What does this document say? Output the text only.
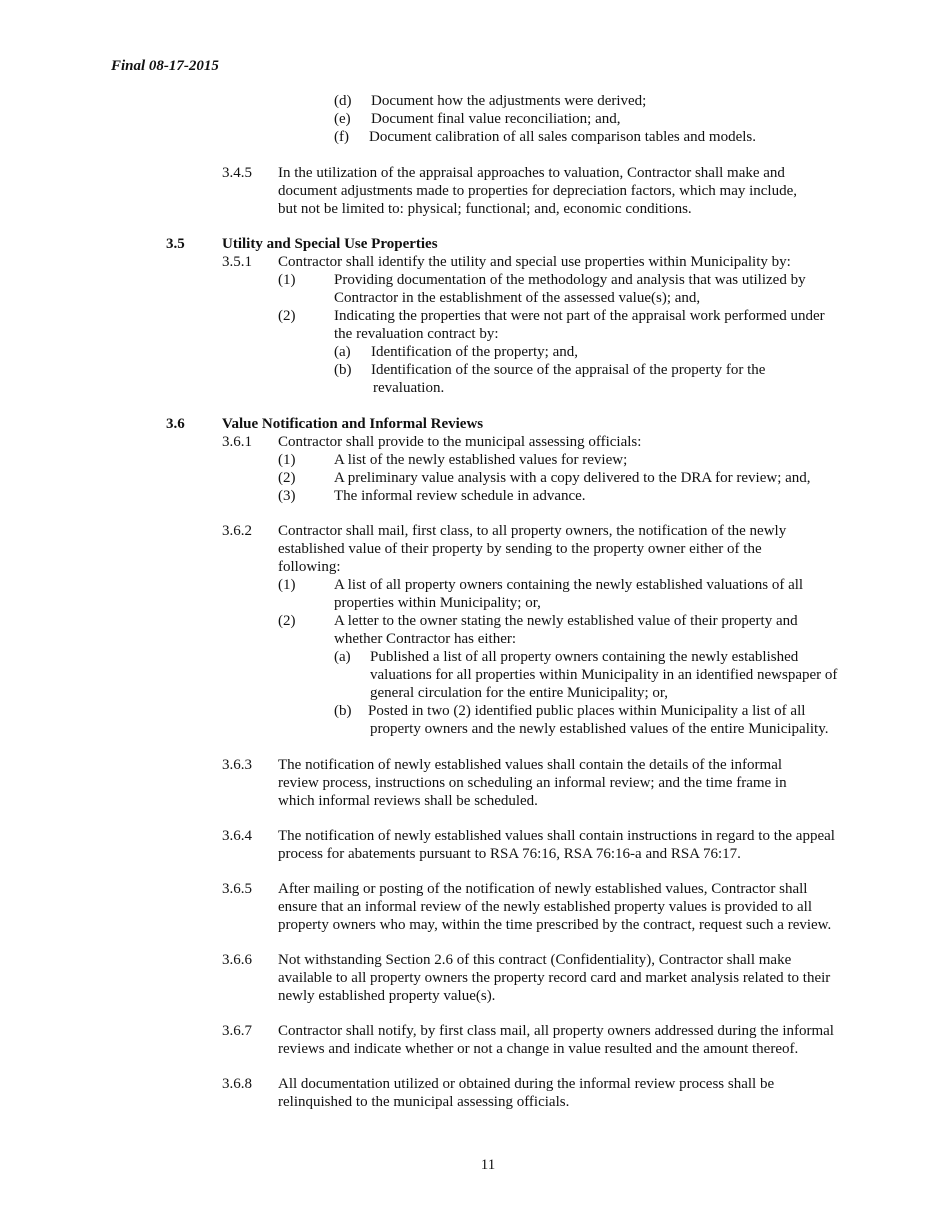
Final 08-17-2015
(d) Document how the adjustments were derived;
(e) Document final value reconciliation; and,
(f) Document calibration of all sales comparison tables and models.
3.4.5 In the utilization of the appraisal approaches to valuation, Contractor shall make and
document adjustments made to properties for depreciation factors, which may include,
but not be limited to: physical; functional; and, economic conditions.
3.5 Utility and Special Use Properties
3.5.1 Contractor shall identify the utility and special use properties within Municipality by:
(1)	Providing documentation of the methodology and analysis that was utilized by
Contractor in the establishment of the assessed value(s); and,
(2)	Indicating the properties that were not part of the appraisal work performed under
the revaluation contract by:
(a) Identification of the property; and,
(b) Identification of the source of the appraisal of the property for the
revaluation.
3.6 Value Notification and Informal Reviews
3.6.1 Contractor shall provide to the municipal assessing officials:
(1)	A list of the newly established values for review;
(2)	A preliminary value analysis with a copy delivered to the DRA for review; and,
(3)	The informal review schedule in advance.
3.6.2 Contractor shall mail, first class, to all property owners, the notification of the newly
established value of their property by sending to the property owner either of the
following:
(1)	A list of all property owners containing the newly established valuations of all
properties within Municipality; or,
(2)	A letter to the owner stating the newly established value of their property and
whether Contractor has either:
(a) Published a list of all property owners containing the newly established
valuations for all properties within Municipality in an identified newspaper of
general circulation for the entire Municipality; or,
(b) Posted in two (2) identified public places within Municipality a list of all
property owners and the newly established values of the entire Municipality.
3.6.3 The notification of newly established values shall contain the details of the informal
review process, instructions on scheduling an informal review; and the time frame in
which informal reviews shall be scheduled.
3.6.4 The notification of newly established values shall contain instructions in regard to the appeal
process for abatements pursuant to RSA 76:16, RSA 76:16-a and RSA 76:17.
3.6.5 After mailing or posting of the notification of newly established values, Contractor shall
ensure that an informal review of the newly established property values is provided to all
property owners who may, within the time prescribed by the contract, request such a review.
3.6.6 Not withstanding Section 2.6 of this contract (Confidentiality), Contractor shall make
available to all property owners the property record card and market analysis related to their
newly established property value(s).
3.6.7 Contractor shall notify, by first class mail, all property owners addressed during the informal
reviews and indicate whether or not a change in value resulted and the amount thereof.
3.6.8 All documentation utilized or obtained during the informal review process shall be
relinquished to the municipal assessing officials.
11
